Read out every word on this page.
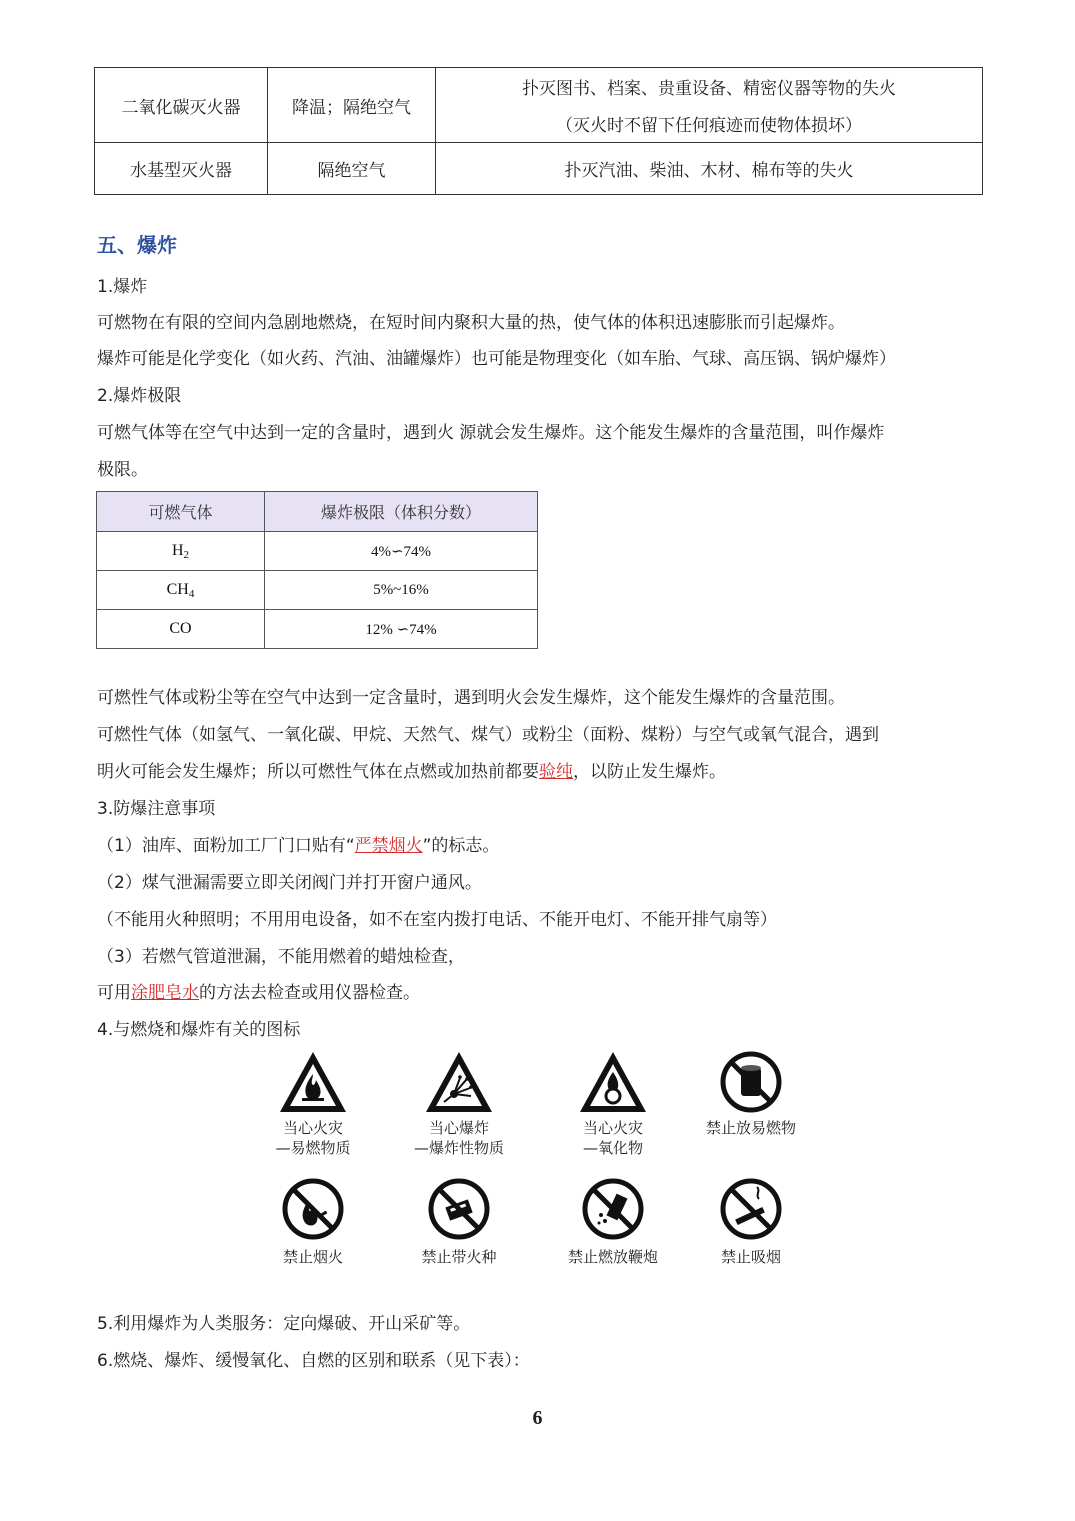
二氧化碳灭火器	降温；隔绝空气	扑灭图书、档案、贵重设备、精密仪器等物的失火
（灭火时不留下任何痕迹而使物体损坏）

水基型灭火器	隔绝空气	扑灭汽油、柴油、木材、棉布等的失火
五、爆炸
1.爆炸
可燃物在有限的空间内急剧地燃烧，在短时间内聚积大量的热，使气体的体积迅速膨胀而引起爆炸。
爆炸可能是化学变化（如火药、汽油、油罐爆炸）也可能是物理变化（如车胎、气球、高压锅、锅炉爆炸）
2.爆炸极限
可燃气体等在空气中达到一定的含量时，遇到火 源就会发生爆炸。这个能发生爆炸的含量范围，叫作爆炸
极限。
可燃气体	爆炸极限（体积分数）
$H_2$	4%∽74%
$CH_4$	5%~16%
CO	12% ∽74%
可燃性气体或粉尘等在空气中达到一定含量时，遇到明火会发生爆炸，这个能发生爆炸的含量范围。
可燃性气体（如氢气、一氧化碳、甲烷、天然气、煤气）或粉尘（面粉、煤粉）与空气或氧气混合，遇到
明火可能会发生爆炸；所以可燃性气体在点燃或加热前都要验纯，以防止发生爆炸。
3.防爆注意事项
（1）油库、面粉加工厂门口贴有“严禁烟火”的标志。
（2）煤气泄漏需要立即关闭阀门并打开窗户通风。
（不能用火种照明；不用用电设备，如不在室内拨打电话、不能开电灯、不能开排气扇等）
（3）若燃气管道泄漏，不能用燃着的蜡烛检查，
可用涂肥皂水的方法去检查或用仪器检查。
4.与燃烧和爆炸有关的图标
当心火灾
—易燃物质
当心爆炸
—爆炸性物质
当心火灾
—氧化物
禁止放易燃物
禁止烟火	禁止带火种	禁止燃放鞭炮	禁止吸烟
5.利用爆炸为人类服务：定向爆破、开山采矿等。
6.燃烧、爆炸、缓慢氧化、自燃的区别和联系（见下表）：
6
